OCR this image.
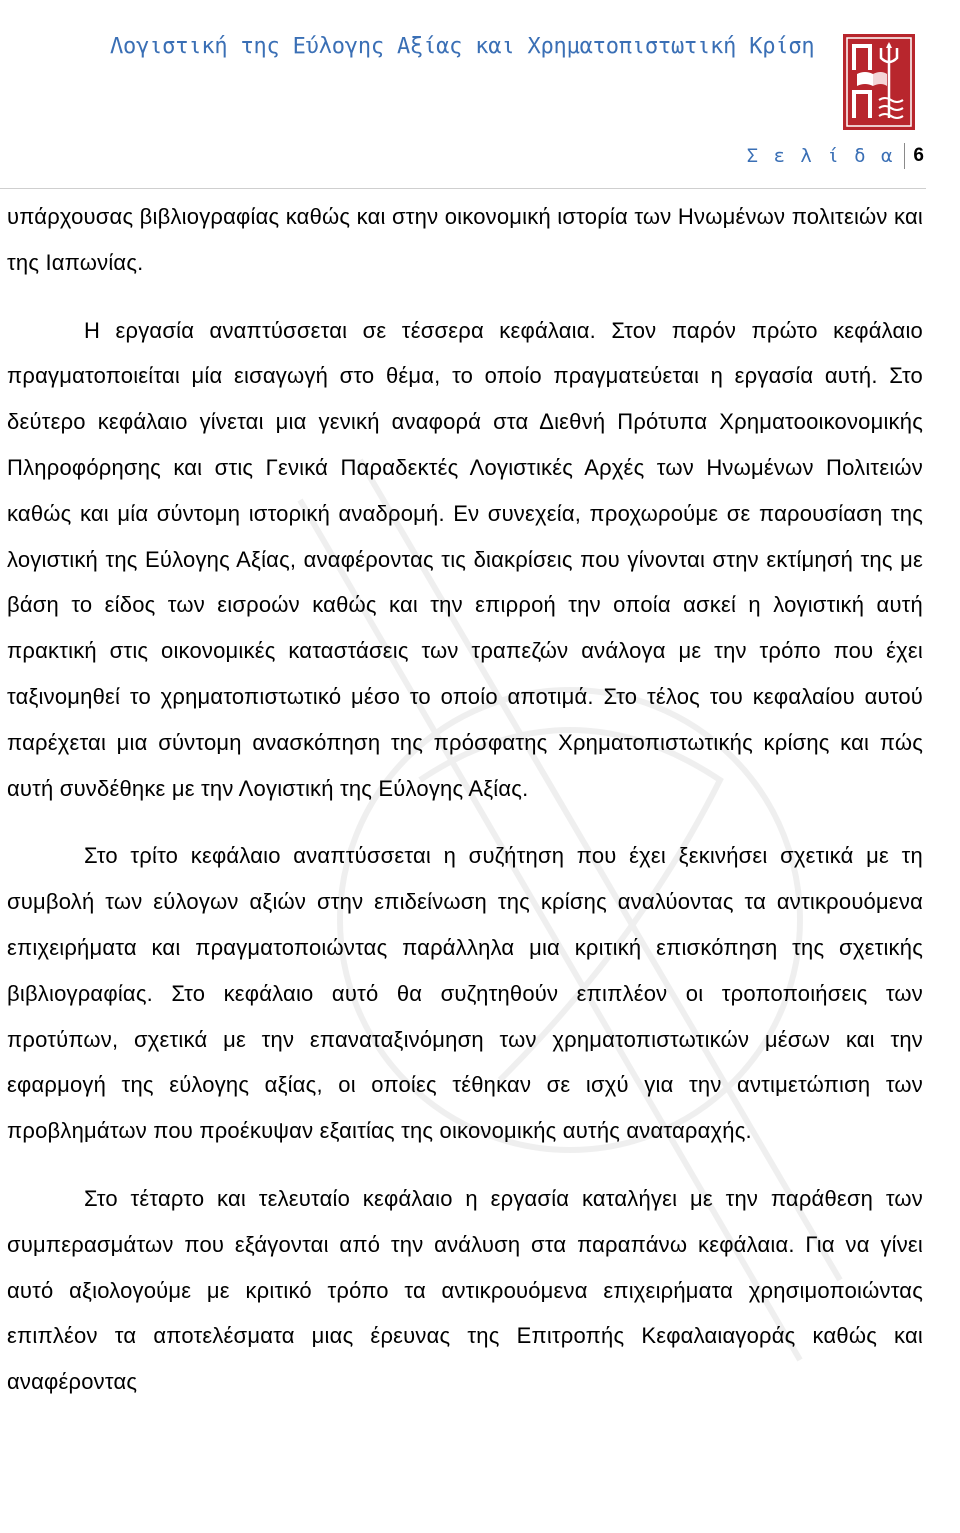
Λογιστική της Εύλογης Αξίας και Χρηματοπιστωτική Κρίση
Σ ε λ ί δ α	6

υπάρχουσας βιβλιογραφίας καθώς και στην οικονομική ιστορία των Ηνωμένων πολιτειών και της Ιαπωνίας.

Η εργασία αναπτύσσεται σε τέσσερα κεφάλαια. Στον παρόν πρώτο κεφάλαιο πραγματοποιείται μία εισαγωγή στο θέμα, το οποίο πραγματεύεται η εργασία αυτή. Στο δεύτερο κεφάλαιο γίνεται μια γενική αναφορά στα Διεθνή Πρότυπα Χρηματοοικονομικής Πληροφόρησης και στις Γενικά Παραδεκτές Λογιστικές Αρχές των Ηνωμένων Πολιτειών καθώς και μία σύντομη ιστορική αναδρομή. Εν συνεχεία, προχωρούμε σε παρουσίαση της λογιστική της Εύλογης Αξίας, αναφέροντας τις διακρίσεις που γίνονται στην εκτίμησή της με βάση το είδος των εισροών καθώς και την επιρροή την οποία ασκεί η λογιστική αυτή πρακτική στις οικονομικές καταστάσεις των τραπεζών ανάλογα με την τρόπο που έχει ταξινομηθεί το χρηματοπιστωτικό μέσο το οποίο αποτιμά. Στο τέλος του κεφαλαίου αυτού παρέχεται μια σύντομη ανασκόπηση της πρόσφατης Χρηματοπιστωτικής κρίσης και πώς αυτή συνδέθηκε με την Λογιστική της Εύλογης Αξίας.

Στο τρίτο κεφάλαιο αναπτύσσεται η συζήτηση που έχει ξεκινήσει σχετικά με τη συμβολή των εύλογων αξιών στην επιδείνωση της κρίσης αναλύοντας τα αντικρουόμενα επιχειρήματα και πραγματοποιώντας παράλληλα μια κριτική επισκόπηση της σχετικής βιβλιογραφίας. Στο κεφάλαιο αυτό θα συζητηθούν επιπλέον οι τροποποιήσεις των προτύπων, σχετικά με την επαναταξινόμηση των χρηματοπιστωτικών μέσων και την εφαρμογή της εύλογης αξίας, οι οποίες τέθηκαν σε ισχύ για την αντιμετώπιση των προβλημάτων που προέκυψαν εξαιτίας της οικονομικής αυτής αναταραχής.

Στο τέταρτο και τελευταίο κεφάλαιο η εργασία καταλήγει με την παράθεση των συμπερασμάτων που εξάγονται από την ανάλυση στα παραπάνω κεφάλαια. Για να γίνει αυτό αξιολογούμε με κριτικό τρόπο τα αντικρουόμενα επιχειρήματα χρησιμοποιώντας επιπλέον τα αποτελέσματα μιας έρευνας της Επιτροπής Κεφαλαιαγοράς καθώς και αναφέροντας
